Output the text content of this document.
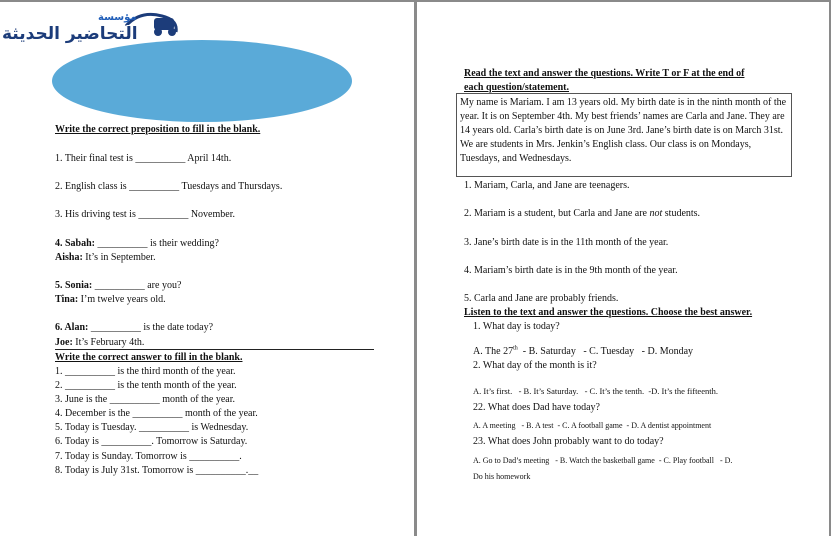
مؤسسة
التحاضير الحديثة
Write the correct preposition to fill in the blank.
1. Their final test is __________ April 14th.
2. English class is __________ Tuesdays and Thursdays.
3. His driving test is __________ November.
4. Sabah: __________ is their wedding?
Aisha: It’s in September.
5. Sonia: __________ are you?
Tina: I’m twelve years old.
6. Alan: __________ is the date today?
Joe: It’s February 4th.
Write the correct answer to fill in the blank.
1. __________ is the third month of the year.
2. __________ is the tenth month of the year.
3. June is the __________ month of the year.
4. December is the __________ month of the year.
5. Today is Tuesday. __________ is Wednesday.
6. Today is __________. Tomorrow is Saturday.
7. Today is Sunday. Tomorrow is __________.
8. Today is July 31st. Tomorrow is __________.__
Read the text and answer the questions. Write T or F at the end of
each question/statement.
My name is Mariam. I am 13 years old. My birth date is in the ninth month of the year. It is on September 4th. My best friends’ names are Carla and Jane. They are 14 years old. Carla’s birth date is on June 3rd. Jane’s birth date is on March 31st. We are students in Mrs. Jenkin’s English class. Our class is on Mondays, Tuesdays, and Wednesdays.
1. Mariam, Carla, and Jane are teenagers.
2. Mariam is a student, but Carla and Jane are not students.
3. Jane’s birth date is in the 11th month of the year.
4. Mariam’s birth date is in the 9th month of the year.
5. Carla and Jane are probably friends.
Listen to the text and answer the questions. Choose the best answer.
1. What day is today?
A. The 27th  - B. Saturday   - C. Tuesday   - D. Monday
2. What day of the month is it?
A. It’s first.   - B. It’s Saturday.   - C. It’s the tenth.  -D. It’s the fifteenth.
22. What does Dad have today?
A. A meeting   - B. A test  - C. A football game  - D. A dentist appointment
23. What does John probably want to do today?
A. Go to Dad’s meeting   - B. Watch the basketball game  - C. Play football   - D.
Do his homework
